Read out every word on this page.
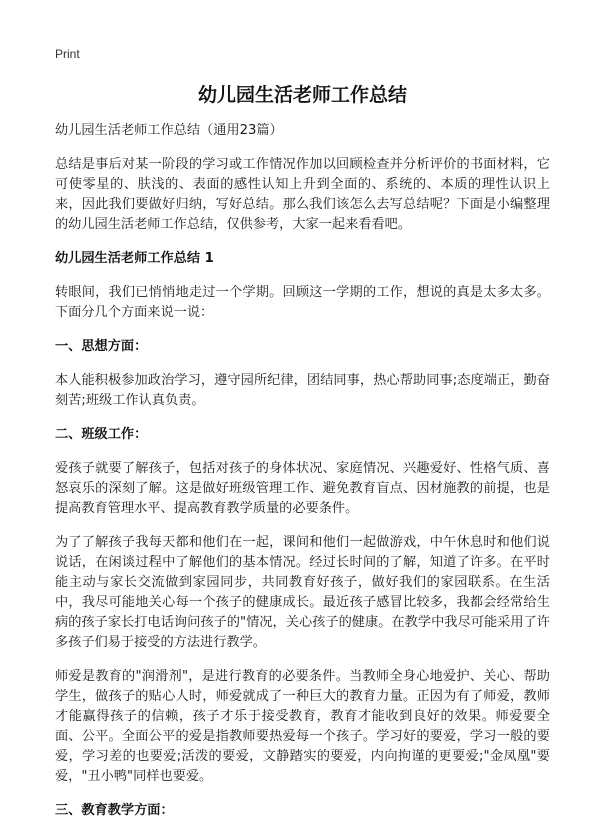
Print

幼儿园生活老师工作总结

幼儿园生活老师工作总结（通用23篇）

总结是事后对某一阶段的学习或工作情况作加以回顾检查并分析评价的书面材料，它可使零星的、肤浅的、表面的感性认知上升到全面的、系统的、本质的理性认识上来，因此我们要做好归纳，写好总结。那么我们该怎么去写总结呢？下面是小编整理的幼儿园生活老师工作总结，仅供参考，大家一起来看看吧。

幼儿园生活老师工作总结 1

转眼间，我们已悄悄地走过一个学期。回顾这一学期的工作，想说的真是太多太多。下面分几个方面来说一说：

一、思想方面：

本人能积极参加政治学习，遵守园所纪律，团结同事，热心帮助同事;态度端正，勤奋刻苦;班级工作认真负责。

二、班级工作：

爱孩子就要了解孩子，包括对孩子的身体状况、家庭情况、兴趣爱好、性格气质、喜怒哀乐的深刻了解。这是做好班级管理工作、避免教育盲点、因材施教的前提，也是提高教育管理水平、提高教育教学质量的必要条件。

为了了解孩子我每天都和他们在一起，课间和他们一起做游戏，中午休息时和他们说说话，在闲谈过程中了解他们的基本情况。经过长时间的了解，知道了许多。在平时能主动与家长交流做到家园同步，共同教育好孩子，做好我们的家园联系。在生活中，我尽可能地关心每一个孩子的健康成长。最近孩子感冒比较多，我都会经常给生病的孩子家长打电话询问孩子的"情况，关心孩子的健康。在教学中我尽可能采用了许多孩子们易于接受的方法进行教学。

师爱是教育的"润滑剂"，是进行教育的必要条件。当教师全身心地爱护、关心、帮助学生，做孩子的贴心人时，师爱就成了一种巨大的教育力量。正因为有了师爱，教师才能赢得孩子的信赖，孩子才乐于接受教育，教育才能收到良好的效果。师爱要全面、公平。全面公平的爱是指教师要热爱每一个孩子。学习好的要爱，学习一般的要爱，学习差的也要爱;活泼的要爱，文静踏实的要爱，内向拘谨的更要爱;"金凤凰"要爱，"丑小鸭"同样也要爱。

三、教育教学方面：
